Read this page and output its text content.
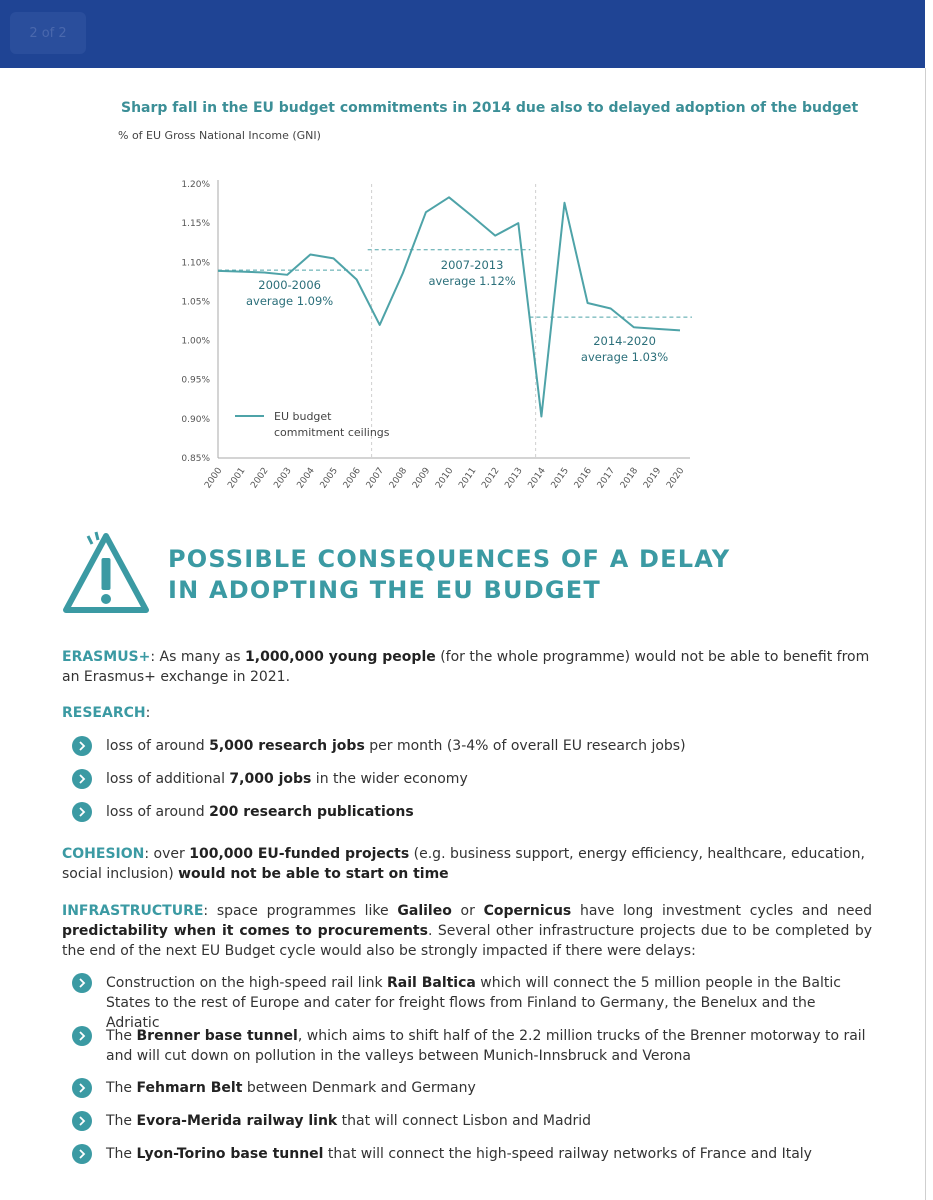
2 of 2
Sharp fall in the EU budget commitments in 2014 due also to delayed adoption of the budget
% of EU Gross National Income (GNI)
0.85%
0.90%
0.95%
1.00%
1.05%
1.10%
1.15%
1.20%
2000 2001 2002 2003 2004 2005 2006 2007 2008 2009 2010 2011 2012 2013 2014 2015 2016 2017 2018 2019 2020
2000-2006
average 1.09%
2007-2013
average 1.12%
2014-2020
average 1.03%
EU budget
commitment ceilings
POSSIBLE CONSEQUENCES OF A DELAY
IN ADOPTING THE EU BUDGET
ERASMUS+: As many as 1,000,000 young people (for the whole programme) would not be able to benefit from an Erasmus+ exchange in 2021.
RESEARCH:
loss of around 5,000 research jobs per month (3-4% of overall EU research jobs)
loss of additional 7,000 jobs in the wider economy
loss of around 200 research publications
COHESION: over 100,000 EU-funded projects (e.g. business support, energy efficiency, healthcare, education, social inclusion) would not be able to start on time
INFRASTRUCTURE: space programmes like Galileo or Copernicus have long investment cycles and need predictability when it comes to procurements. Several other infrastructure projects due to be completed by the end of the next EU Budget cycle would also be strongly impacted if there were delays:
Construction on the high-speed rail link Rail Baltica which will connect the 5 million people in the Baltic States to the rest of Europe and cater for freight flows from Finland to Germany, the Benelux and the Adriatic
The Brenner base tunnel, which aims to shift half of the 2.2 million trucks of the Brenner motorway to rail and will cut down on pollution in the valleys between Munich-Innsbruck and Verona
The Fehmarn Belt between Denmark and Germany
The Evora-Merida railway link that will connect Lisbon and Madrid
The Lyon-Torino base tunnel that will connect the high-speed railway networks of France and Italy
